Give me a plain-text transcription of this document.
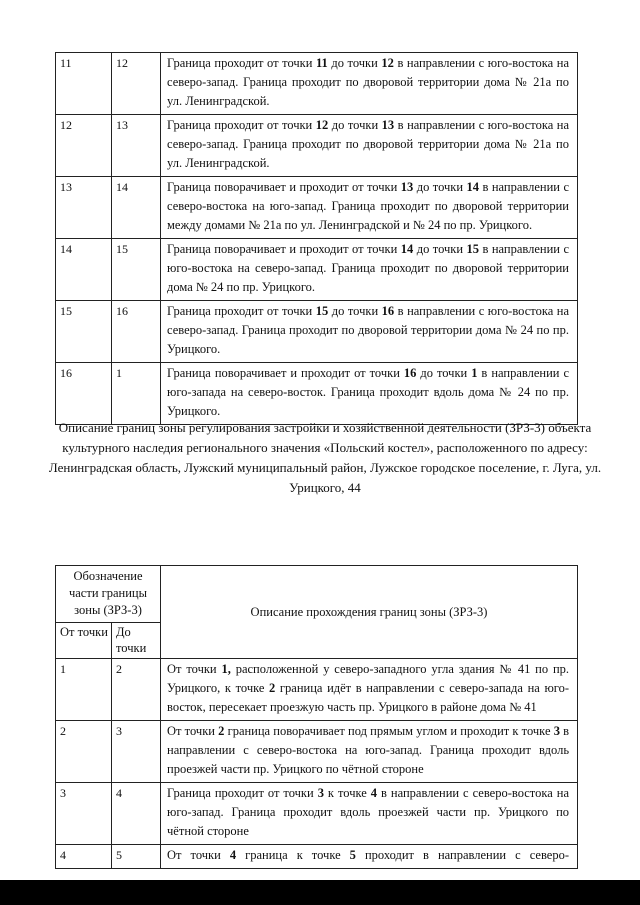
11	12	Граница проходит от точки 11 до точки 12 в направлении с юго-востока на северо-запад. Граница проходит по дворовой территории дома № 21а по ул. Ленинградской.
12	13	Граница проходит от точки 12 до точки 13 в направлении с юго-востока на северо-запад. Граница проходит по дворовой территории дома № 21а по ул. Ленинградской.
13	14	Граница поворачивает и проходит от точки 13 до точки 14 в направлении с северо-востока на юго-запад. Граница проходит по дворовой территории между домами № 21а по ул. Ленинградской и № 24 по пр. Урицкого.
14	15	Граница поворачивает и проходит от точки 14 до точки 15 в направлении с юго-востока на северо-запад. Граница проходит по дворовой территории дома № 24 по пр. Урицкого.
15	16	Граница проходит от точки 15 до точки 16 в направлении с юго-востока на северо-запад. Граница проходит по дворовой территории дома № 24 по пр. Урицкого.
16	1	Граница поворачивает и проходит от точки 16 до точки 1 в направлении с юго-запада на северо-восток. Граница проходит вдоль дома № 24 по пр. Урицкого.
Описание границ зоны регулирования застройки и хозяйственной деятельности (ЗРЗ-3) объекта культурного наследия регионального значения «Польский костел», расположенного по адресу: Ленинградская область, Лужский муниципальный район, Лужское городское поселение, г. Луга, ул. Урицкого, 44
Обозначение части границы зоны (ЗРЗ-3)		Описание прохождения границ зоны (ЗРЗ-3)
От точки	До точки	
1	2	От точки 1, расположенной у северо-западного угла здания № 41 по пр. Урицкого, к точке 2 граница идёт в направлении с северо-запада на юго-восток, пересекает проезжую часть пр. Урицкого в районе дома № 41
2	3	От точки 2 граница поворачивает под прямым углом и проходит к точке 3 в направлении с северо-востока на юго-запад. Граница проходит вдоль проезжей части пр. Урицкого по чётной стороне
3	4	Граница проходит от точки 3 к точке 4 в направлении с северо-востока на юго-запад. Граница проходит вдоль проезжей части пр. Урицкого по чётной стороне
4	5	От точки 4 граница к точке 5 проходит в направлении с северо-
